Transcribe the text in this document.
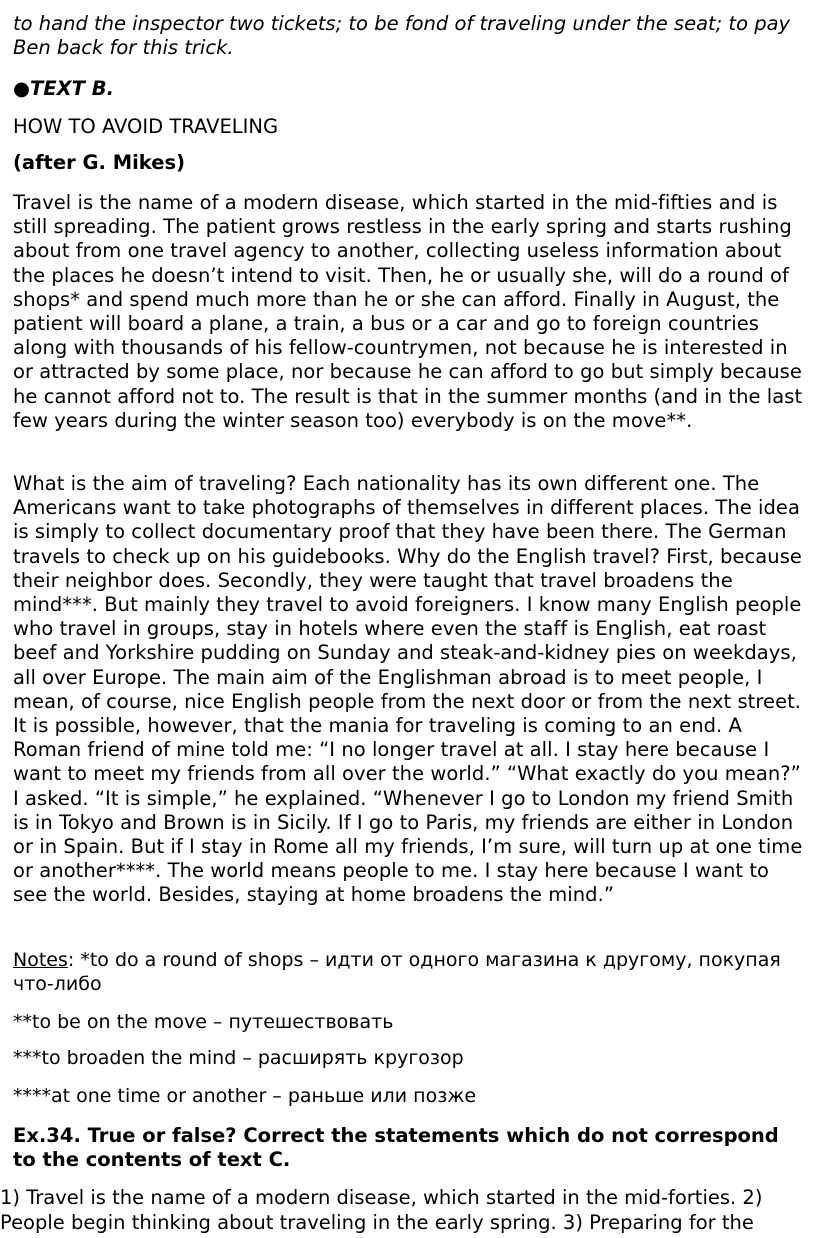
to hand the inspector two tickets; to be fond of traveling under the seat; to pay Ben back for this trick.

●TEXT B.

HOW TO AVOID TRAVELING

(after G. Mikes)

Travel is the name of a modern disease, which started in the mid-fifties and is still spreading. The patient grows restless in the early spring and starts rushing about from one travel agency to another, collecting useless information about the places he doesn’t intend to visit. Then, he or usually she, will do a round of shops* and spend much more than he or she can afford. Finally in August, the patient will board a plane, a train, a bus or a car and go to foreign countries along with thousands of his fellow-countrymen, not because he is interested in or attracted by some place, nor because he can afford to go but simply because he cannot afford not to. The result is that in the summer months (and in the last few years during the winter season too) everybody is on the move**.

What is the aim of traveling? Each nationality has its own different one. The Americans want to take photographs of themselves in different places. The idea is simply to collect documentary proof that they have been there. The German travels to check up on his guidebooks. Why do the English travel? First, because their neighbor does. Secondly, they were taught that travel broadens the mind***. But mainly they travel to avoid foreigners. I know many English people who travel in groups, stay in hotels where even the staff is English, eat roast beef and Yorkshire pudding on Sunday and steak-and-kidney pies on weekdays, all over Europe. The main aim of the Englishman abroad is to meet people, I mean, of course, nice English people from the next door or from the next street. It is possible, however, that the mania for traveling is coming to an end. A Roman friend of mine told me: “I no longer travel at all. I stay here because I want to meet my friends from all over the world.” “What exactly do you mean?” I asked. “It is simple,” he explained. “Whenever I go to London my friend Smith is in Tokyo and Brown is in Sicily. If I go to Paris, my friends are either in London or in Spain. But if I stay in Rome all my friends, I’m sure, will turn up at one time or another****. The world means people to me. I stay here because I want to see the world. Besides, staying at home broadens the mind.”

Notes: *to do a round of shops – идти от одного магазина к другому, покупая что-либо

**to be on the move – путешествовать

***to broaden the mind – расширять кругозор

****at one time or another – раньше или позже

Ex.34. True or false? Correct the statements which do not correspond to the contents of text C.

1) Travel is the name of a modern disease, which started in the mid-forties. 2) People begin thinking about traveling in the early spring. 3) Preparing for the
